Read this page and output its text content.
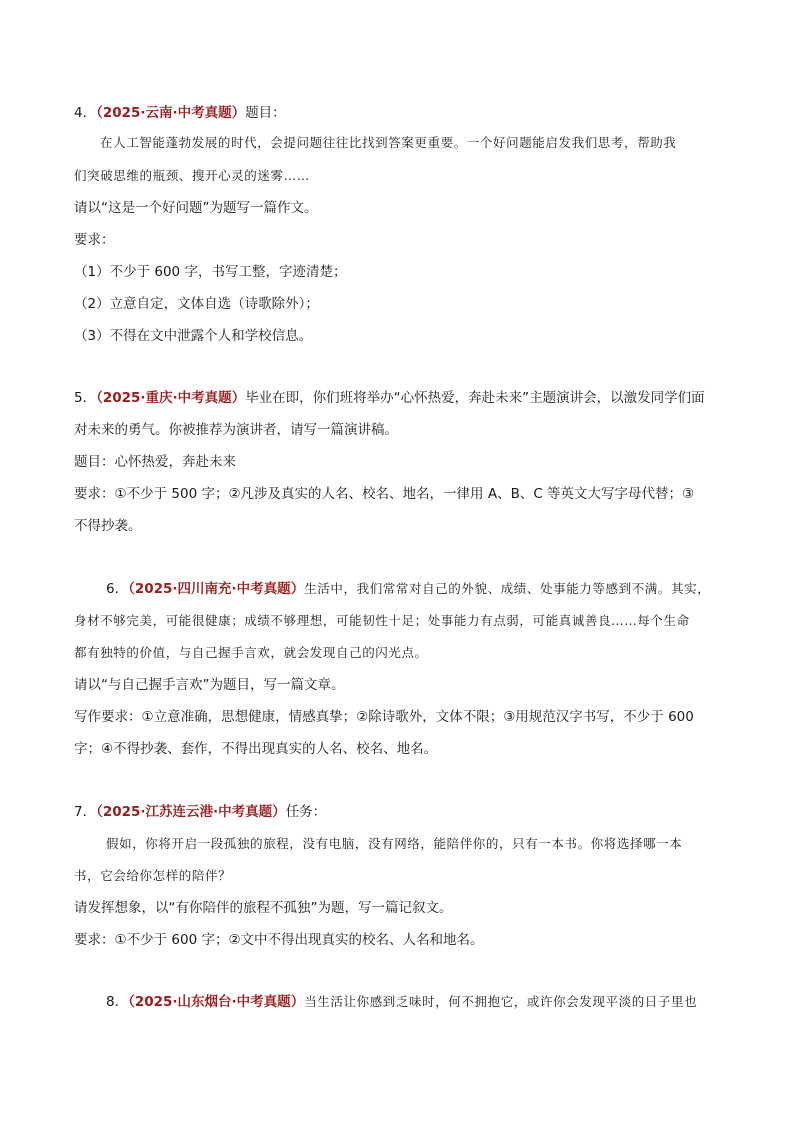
4．（2025·云南·中考真题）题目：
在人工智能蓬勃发展的时代，会提问题往往比找到答案更重要。一个好问题能启发我们思考，帮助我
们突破思维的瓶颈、搜开心灵的迷雾……
请以“这是一个好问题”为题写一篇作文。
要求：
（1）不少于 600 字，书写工整，字迹清楚；
（2）立意自定，文体自选（诗歌除外）；
（3）不得在文中泄露个人和学校信息。
5．（2025·重庆·中考真题）毕业在即，你们班将举办“心怀热爱，奔赴未来”主题演讲会，以激发同学们面
对未来的勇气。你被推荐为演讲者，请写一篇演讲稿。
题目：心怀热爱，奔赴未来
要求：①不少于 500 字；②凡涉及真实的人名、校名、地名，一律用 A、B、C 等英文大写字母代替；③
不得抄袭。
6．（2025·四川南充·中考真题）生活中，我们常常对自己的外貌、成绩、处事能力等感到不满。其实，
身材不够完美，可能很健康；成绩不够理想，可能韧性十足；处事能力有点弱，可能真诚善良……每个生命
都有独特的价值，与自己握手言欢，就会发现自己的闪光点。
请以“与自己握手言欢”为题目，写一篇文章。
写作要求：①立意准确，思想健康，情感真挚；②除诗歌外，文体不限；③用规范汉字书写，不少于 600
字；④不得抄袭、套作，不得出现真实的人名、校名、地名。
7．（2025·江苏连云港·中考真题）任务：
假如，你将开启一段孤独的旅程，没有电脑，没有网络，能陪伴你的，只有一本书。你将选择哪一本
书，它会给你怎样的陪伴？
请发挥想象，以“有你陪伴的旅程不孤独”为题，写一篇记叙文。
要求：①不少于 600 字；②文中不得出现真实的校名、人名和地名。
8．（2025·山东烟台·中考真题）当生活让你感到乏味时，何不拥抱它，或许你会发现平淡的日子里也
